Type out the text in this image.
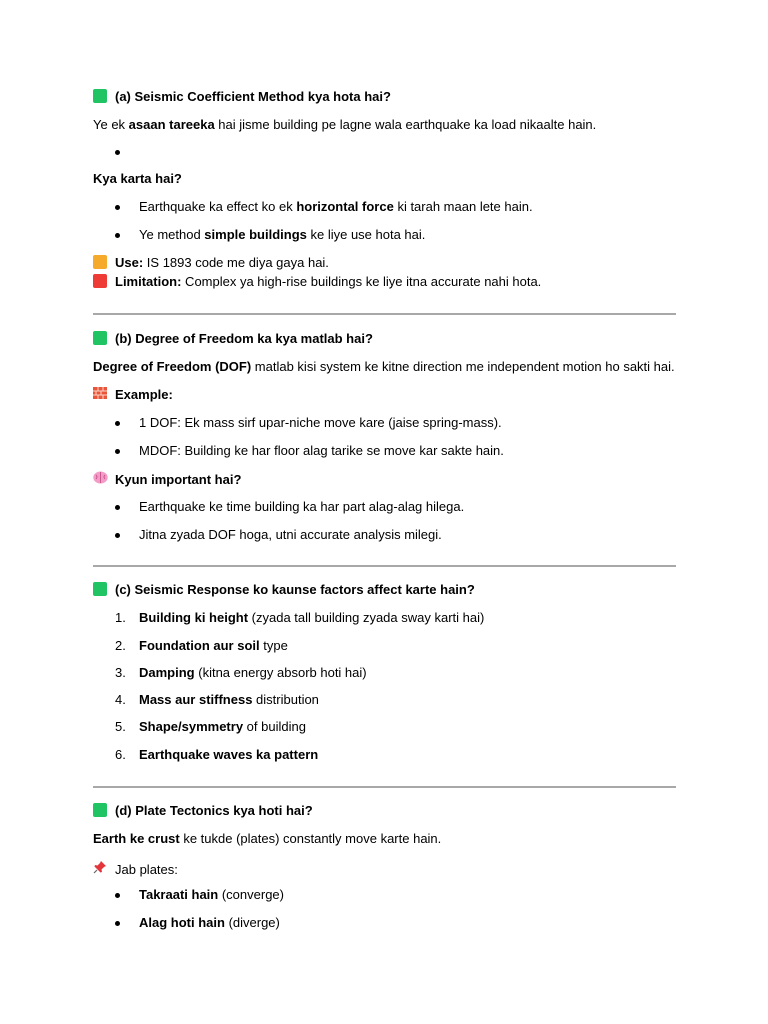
(a) Seismic Coefficient Method kya hota hai?
Ye ek asaan tareeka hai jisme building pe lagne wala earthquake ka load nikaalte hain.
Kya karta hai?
Earthquake ka effect ko ek horizontal force ki tarah maan lete hain.
Ye method simple buildings ke liye use hota hai.
Use: IS 1893 code me diya gaya hai.
Limitation: Complex ya high-rise buildings ke liye itna accurate nahi hota.
(b) Degree of Freedom ka kya matlab hai?
Degree of Freedom (DOF) matlab kisi system ke kitne direction me independent motion ho sakti hai.
Example:
1 DOF: Ek mass sirf upar-niche move kare (jaise spring-mass).
MDOF: Building ke har floor alag tarike se move kar sakte hain.
Kyun important hai?
Earthquake ke time building ka har part alag-alag hilega.
Jitna zyada DOF hoga, utni accurate analysis milegi.
(c) Seismic Response ko kaunse factors affect karte hain?
1. Building ki height (zyada tall building zyada sway karti hai)
2. Foundation aur soil type
3. Damping (kitna energy absorb hoti hai)
4. Mass aur stiffness distribution
5. Shape/symmetry of building
6. Earthquake waves ka pattern
(d) Plate Tectonics kya hoti hai?
Earth ke crust ke tukde (plates) constantly move karte hain.
Jab plates:
Takraati hain (converge)
Alag hoti hain (diverge)
